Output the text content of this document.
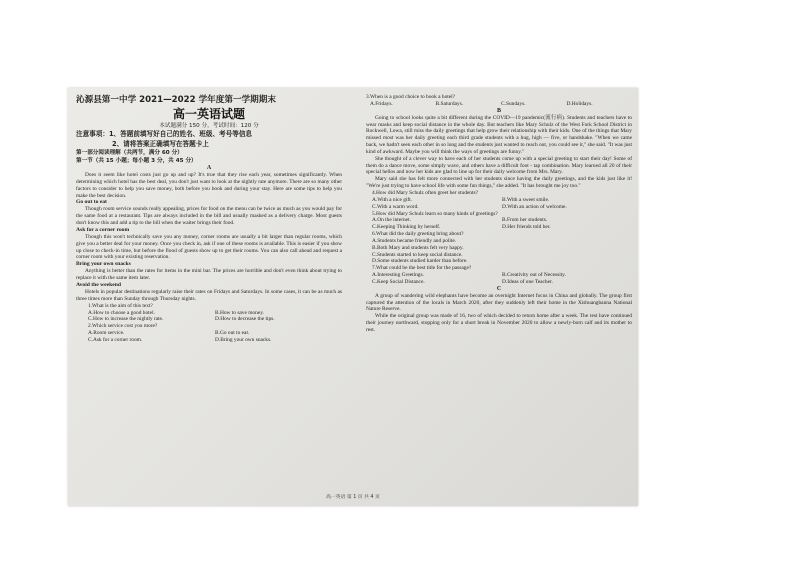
沁源县第一中学 2021—2022 学年度第一学期期末
高一英语试题
本试题满分 150 分，考试时间：120 分
注意事项：1、答题前填写好自己的姓名、班级、考号等信息
2、请将答案正确填写在答题卡上
第一部分阅读理解（共两节，满分 60 分）
第一节（共 15 小题；每小题 3 分，共 45 分）
A

Does it seem like hotel costs just go up and up? It's true that they rise each year, sometimes significantly. When determining which hotel has the best deal, you don't just want to look at the nightly rate anymore. There are so many other factors to consider to help you save money, both before you book and during your stay. Here are some tips to help you make the best decision.

Go out to eat

Though room service sounds really appealing, prices for food on the menu can be twice as much as you would pay for the same food at a restaurant. Tips are always included in the bill and usually masked as a delivery charge. Most guests don't know this and add a tip to the bill when the waiter brings their food.

Ask for a corner room

Though this won't technically save you any money, corner rooms are usually a bit larger than regular rooms, which give you a better deal for your money. Once you check in, ask if one of these rooms is available. This is easier if you show up close to check-in time, but before the flood of guests show up to get their rooms. You can also call ahead and request a corner room with your existing reservation.

Bring your own snacks

Anything is better than the rates for items in the mini bar. The prices are horrible and don't even think about trying to replace it with the same item later.

Avoid the weekend

Hotels in popular destinations regularly raise their rates on Fridays and Saturdays. In some cases, it can be as much as three times more than Sunday through Thursday nights.

1.What is the aim of this text?
A.How to choose a good hotel.	B.How to save money.
C.How to increase the nightly rate.	D.How to decrease the tips.
2.Which service cost you more?
A.Room service.	B.Go out to eat.
C.Ask for a corner room.	D.Bring your own snacks.
3.When is a good choice to book a hotel?
A.Fridays.	B.Saturdays.	C.Sundays.	D.Holidays.
B

Going to school looks quite a bit different during the COVID—19 pandemic(流行病). Students and teachers have to wear masks and keep social distance in the whole day. But teachers like Mary Schulz of the West Fork School District in Rockwell, Lowa, still miss the daily greetings that help grow their relationship with their kids. One of the things that Mary missed most was her daily greeting each third grade students with a hug, high — five, or handshake. "When we came back, we hadn't seen each other in so long and the students just wanted to reach out, you could see it," she said. "It was just kind of awkward. Maybe you will think the ways of greetings are funny."

She thought of a clever way to have each of her students come up with a special greeting to start their day! Some of them do a dance move, some simply wave, and others have a difficult foot - tap combination. Mary learned all 20 of their special hellos and now her kids are glad to line up for their daily welcome from Mrs. Mary.

Mary said she has felt more connected with her students since having the daily greetings, and the kids just like it! "We're just trying to have school life with some fun things," she added. "It has brought me joy too."

4.How did Mary Schulz often greet her students?
A.With a nice gift.	B.With a sweet smile.
C.With a warm word.	D.With an action of welcome.
5.How did Mary Schulz learn so many kinds of greetings?
A.On the internet.	B.From her students.
C.Keeping Thinking by herself.	D.Her friends told her.
6.What did the daily greeting bring about?
A.Students became friendly and polite.
B.Both Mary and students felt very happy.
C.Students started to keep social distance.
D.Some students studied harder than before.
7.What could be the best title for the passage?
A.Interesting Greetings.	B.Creativity out of Necessity.
C.Keep Social Distance.	D.Ideas of one Teacher.
C

A group of wandering wild elephants have become an overnight Internet focus in China and globally. The group first captured the attention of the locals in March 2020, after they suddenly left their home in the Xishuangbanna National Nature Reserve.

While the original group was made of 16, two of which decided to return home after a week. The rest have continued their journey northward, stopping only for a short break in November 2020 to allow a newly-born calf and its mother to rest.

高一英语 第 1 页 共 4 页
